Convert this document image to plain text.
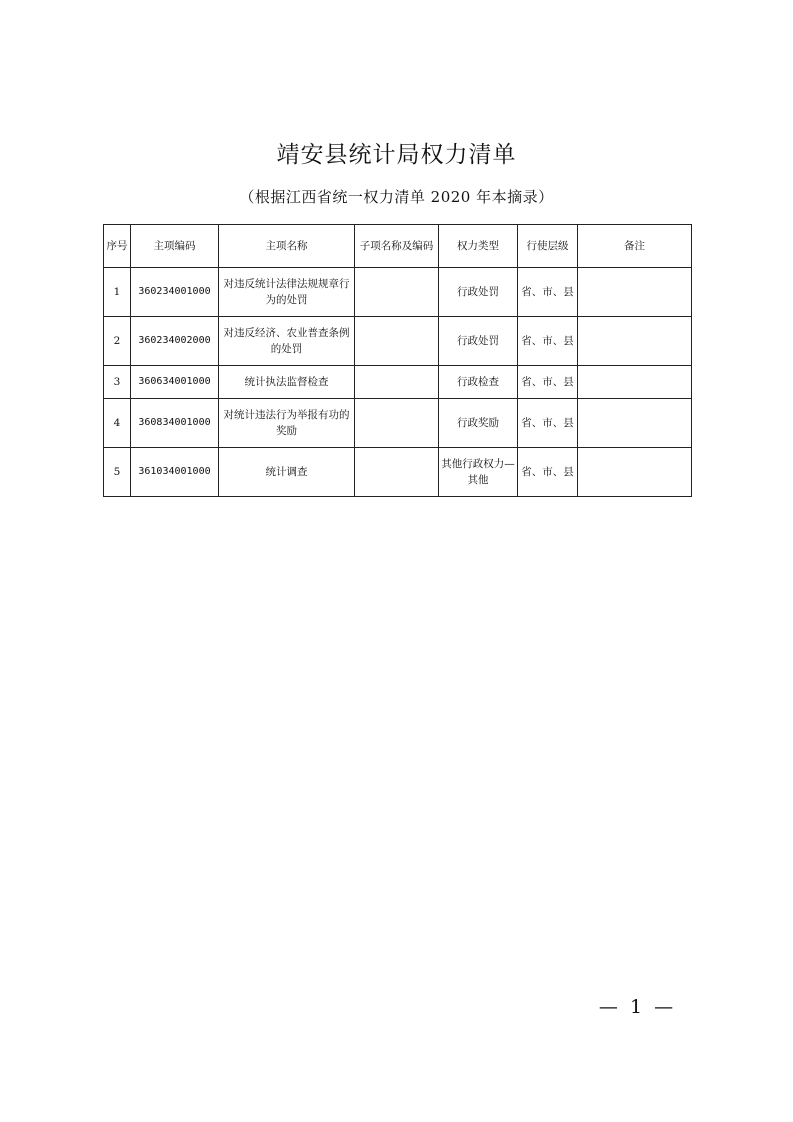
靖安县统计局权力清单
（根据江西省统一权力清单 2020 年本摘录）
序号	主项编码	主项名称	子项名称及编码	权力类型	行使层级	备注
1	360234001000	对违反统计法律法规规章行为的处罚		行政处罚	省、市、县	
2	360234002000	对违反经济、农业普查条例的处罚		行政处罚	省、市、县	
3	360634001000	统计执法监督检查		行政检查	省、市、县	
4	360834001000	对统计违法行为举报有功的奖励		行政奖励	省、市、县	
5	361034001000	统计调查		其他行政权力—其他	省、市、县	
—  1  —
